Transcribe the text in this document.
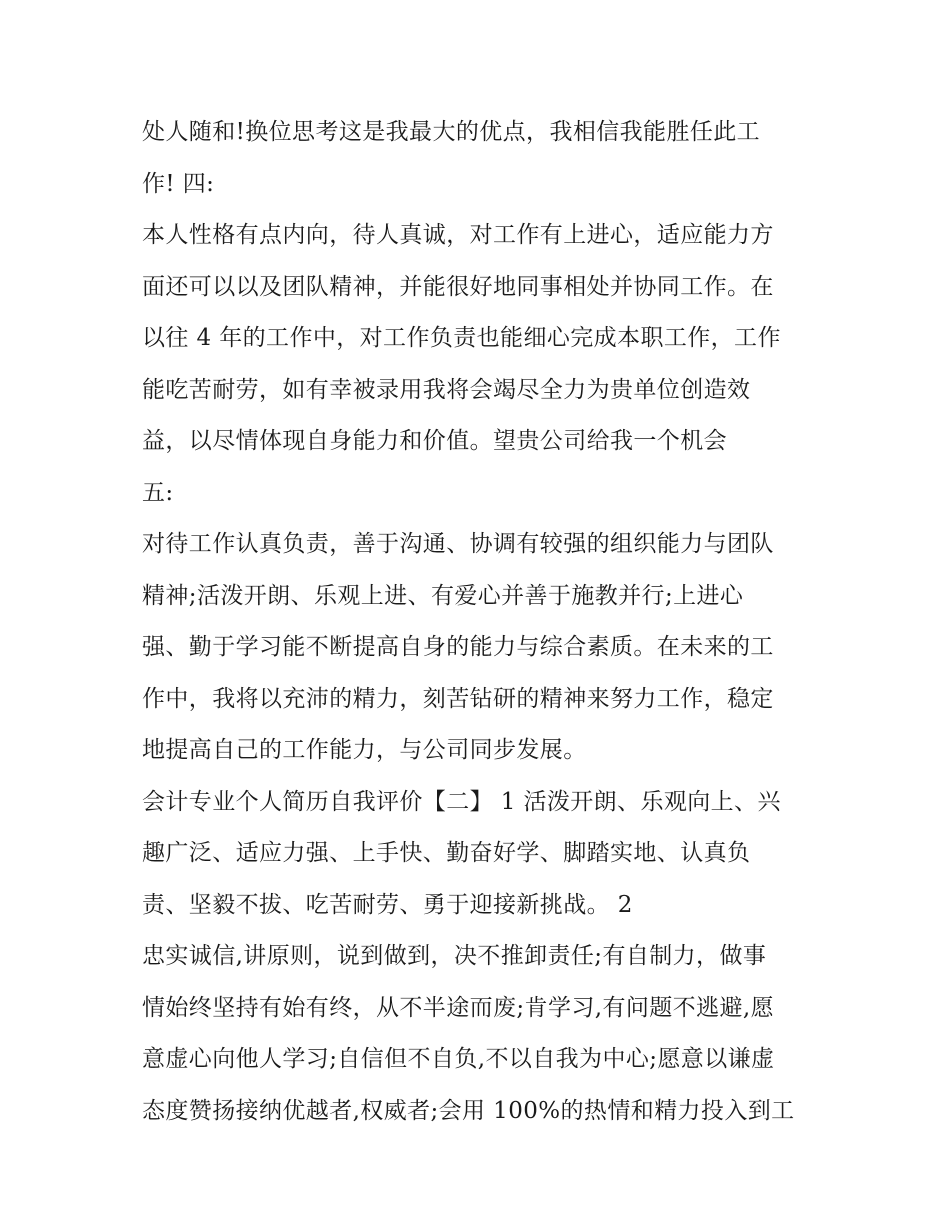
处人随和!换位思考这是我最大的优点，我相信我能胜任此工
作! 四:
本人性格有点内向，待人真诚，对工作有上进心，适应能力方
面还可以以及团队精神，并能很好地同事相处并协同工作。在
以往 4 年的工作中，对工作负责也能细心完成本职工作，工作
能吃苦耐劳，如有幸被录用我将会竭尽全力为贵单位创造效
益，以尽情体现自身能力和价值。望贵公司给我一个机会
五:
对待工作认真负责，善于沟通、协调有较强的组织能力与团队
精神;活泼开朗、乐观上进、有爱心并善于施教并行;上进心
强、勤于学习能不断提高自身的能力与综合素质。在未来的工
作中，我将以充沛的精力，刻苦钻研的精神来努力工作，稳定
地提高自己的工作能力，与公司同步发展。
会计专业个人简历自我评价【二】 1 活泼开朗、乐观向上、兴
趣广泛、适应力强、上手快、勤奋好学、脚踏实地、认真负
责、坚毅不拔、吃苦耐劳、勇于迎接新挑战。 2
忠实诚信,讲原则，说到做到，决不推卸责任;有自制力，做事
情始终坚持有始有终，从不半途而废;肯学习,有问题不逃避,愿
意虚心向他人学习;自信但不自负,不以自我为中心;愿意以谦虚
态度赞扬接纳优越者,权威者;会用 100%的热情和精力投入到工
